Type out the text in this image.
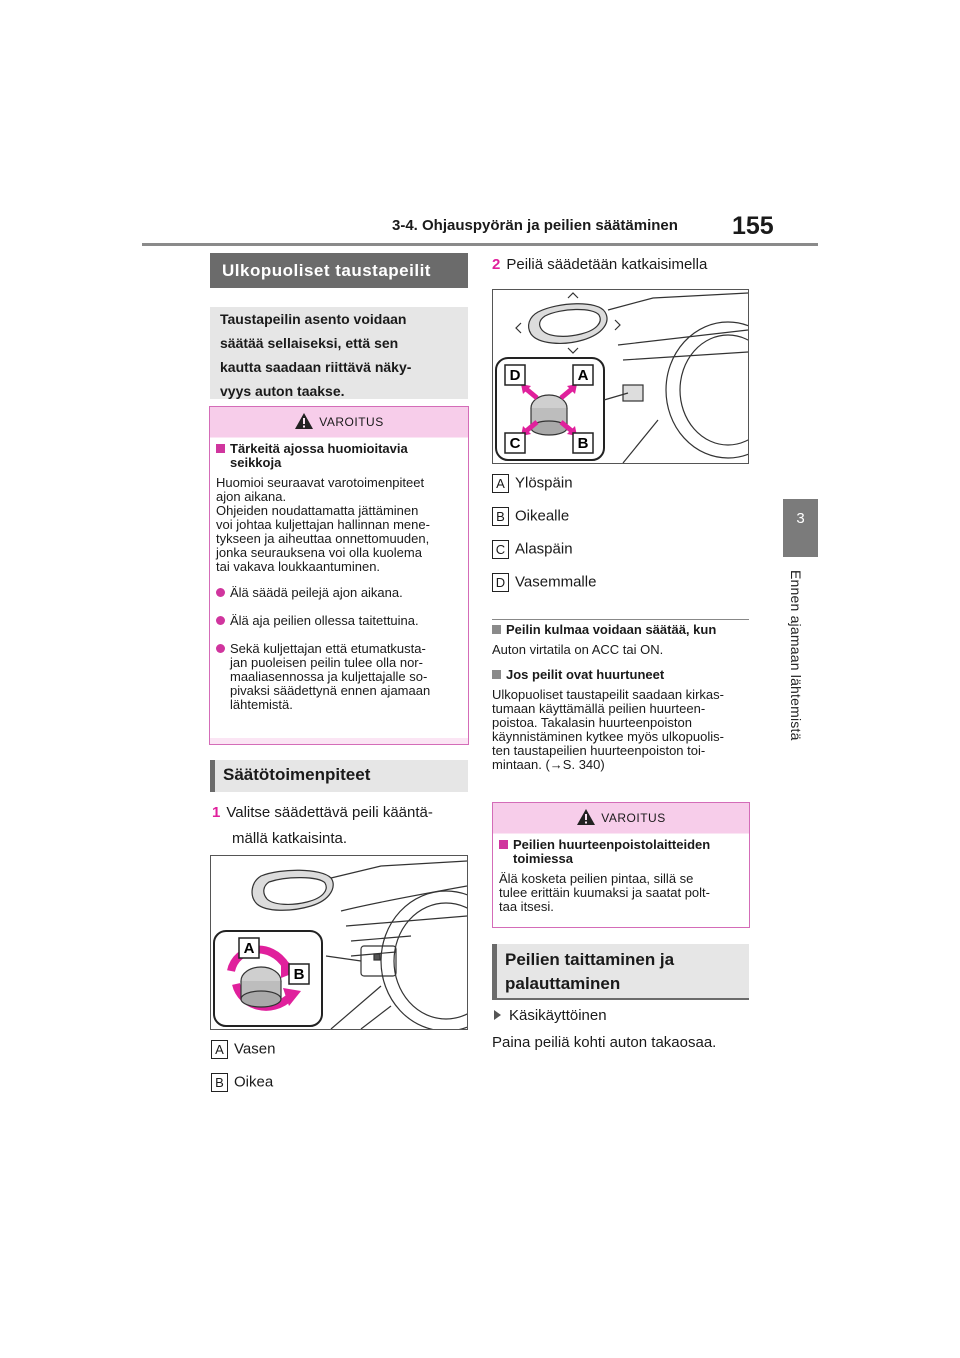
3-4. Ohjauspyörän ja peilien säätäminen 155
3
Ennen ajamaan lähtemistä
Ulkopuoliset taustapeilit
Taustapeilin asento voidaan
säätää sellaiseksi, että sen
kautta saadaan riittävä näky-
vyys auton taakse.
VAROITUS
Tärkeitä ajossa huomioitavia
seikkoja
Huomioi seuraavat varotoimenpiteet
ajon aikana.
Ohjeiden noudattamatta jättäminen
voi johtaa kuljettajan hallinnan mene-
tykseen ja aiheuttaa onnettomuuden,
jonka seurauksena voi olla kuolema
tai vakava loukkaantuminen.
Älä säädä peilejä ajon aikana.
Älä aja peilien ollessa taitettuina.
Sekä kuljettajan että etumatkusta-
jan puoleisen peilin tulee olla nor-
maaliasennossa ja kuljettajalle so-
pivaksi säädettynä ennen ajamaan
lähtemistä.
Säätötoimenpiteet
1 Valitse säädettävä peili kääntä-
mällä katkaisinta.
A
B
A Vasen
B Oikea
2 Peiliä säädetään katkaisimella
D	A
C	B
A Ylöspäin
B Oikealle
C Alaspäin
D Vasemmalle
Peilin kulmaa voidaan säätää, kun
Auton virtatila on ACC tai ON.
Jos peilit ovat huurtuneet
Ulkopuoliset taustapeilit saadaan kirkas-
tumaan käyttämällä peilien huurteen-
poistoa. Takalasin huurteenpoiston
käynnistäminen kytkee myös ulkopuolis-
ten taustapeilien huurteenpoiston toi-
mintaan. (→S. 340)
VAROITUS
Peilien huurteenpoistolaitteiden
toimiessa
Älä kosketa peilien pintaa, sillä se
tulee erittäin kuumaksi ja saatat polt-
taa itsesi.
Peilien taittaminen ja
palauttaminen
Käsikäyttöinen
Paina peiliä kohti auton takaosaa.
